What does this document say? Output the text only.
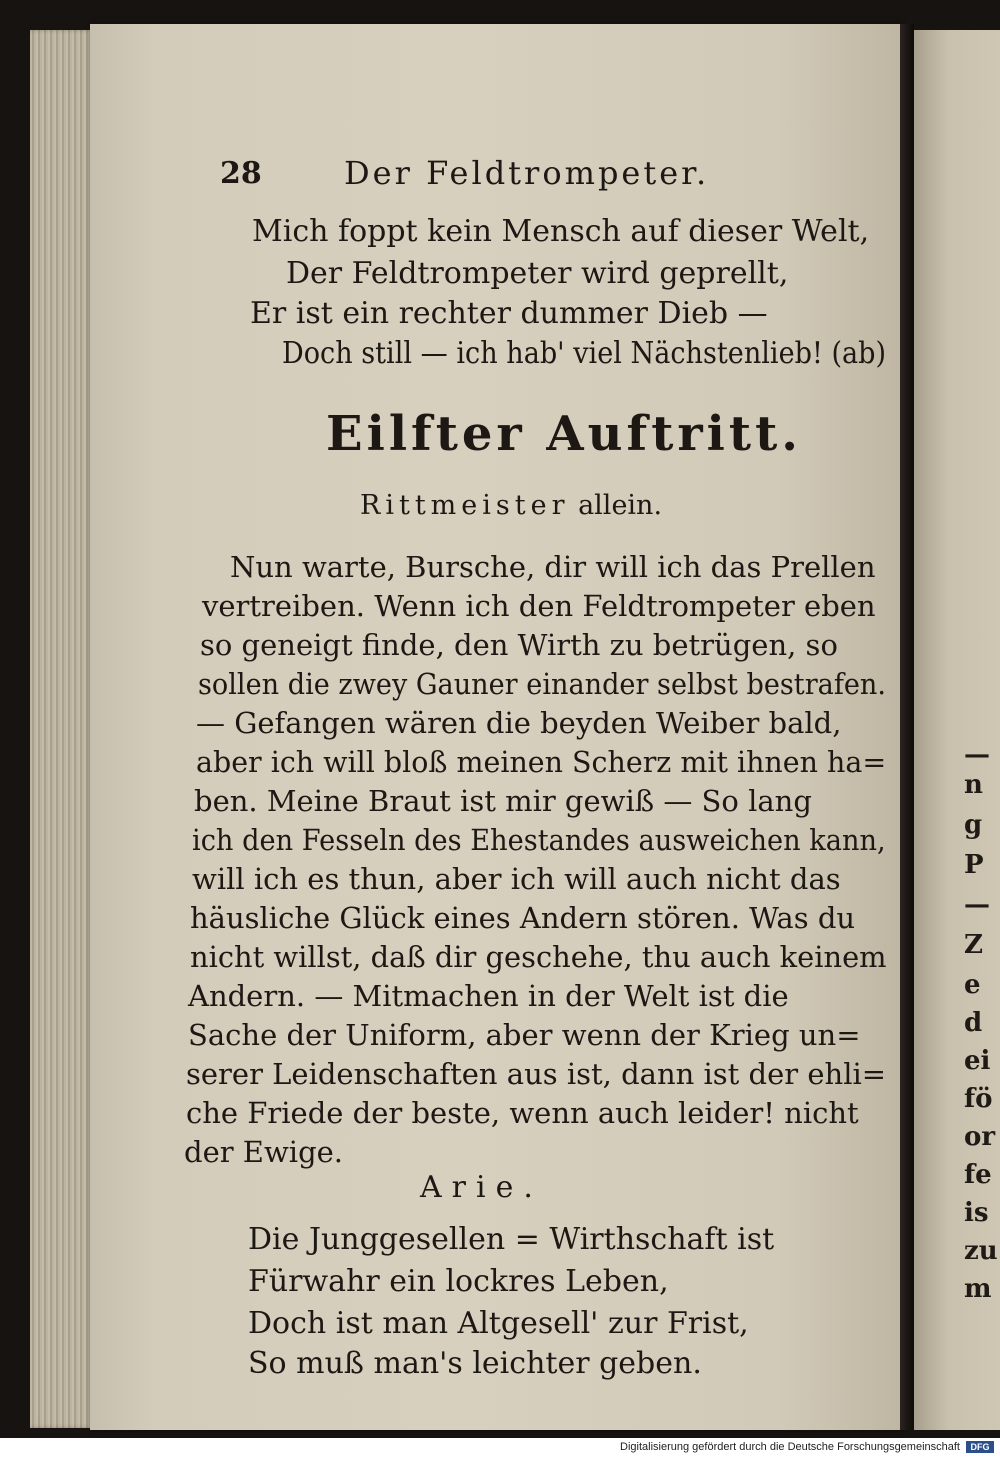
28	Der Feldtrompeter.
Mich foppt kein Mensch auf dieser Welt,
Der Feldtrompeter wird geprellt,
Er ist ein rechter dummer Dieb —
Doch still — ich hab' viel Nächstenlieb! (ab)
Eilfter Auftritt.
Rittmeister allein.
Nun warte, Bursche, dir will ich das Prellen
vertreiben. Wenn ich den Feldtrompeter eben
so geneigt finde, den Wirth zu betrügen, so
sollen die zwey Gauner einander selbst bestrafen.
— Gefangen wären die beyden Weiber bald,
aber ich will bloß meinen Scherz mit ihnen ha=
ben. Meine Braut ist mir gewiß — So lang
ich den Fesseln des Ehestandes ausweichen kann,
will ich es thun, aber ich will auch nicht das
häusliche Glück eines Andern stören. Was du
nicht willst, daß dir geschehe, thu auch keinem
Andern. — Mitmachen in der Welt ist die
Sache der Uniform, aber wenn der Krieg un=
serer Leidenschaften aus ist, dann ist der ehli=
che Friede der beste, wenn auch leider! nicht
der Ewige.
Arie.
Die Junggesellen = Wirthschaft ist
Fürwahr ein lockres Leben,
Doch ist man Altgesell' zur Frist,
So muß man's leichter geben.
—
n
g
P
—
Z
e
d
ei
fö
or
fe
is
zu
m
Digitalisierung gefördert durch die Deutsche Forschungsgemeinschaft	DFG
